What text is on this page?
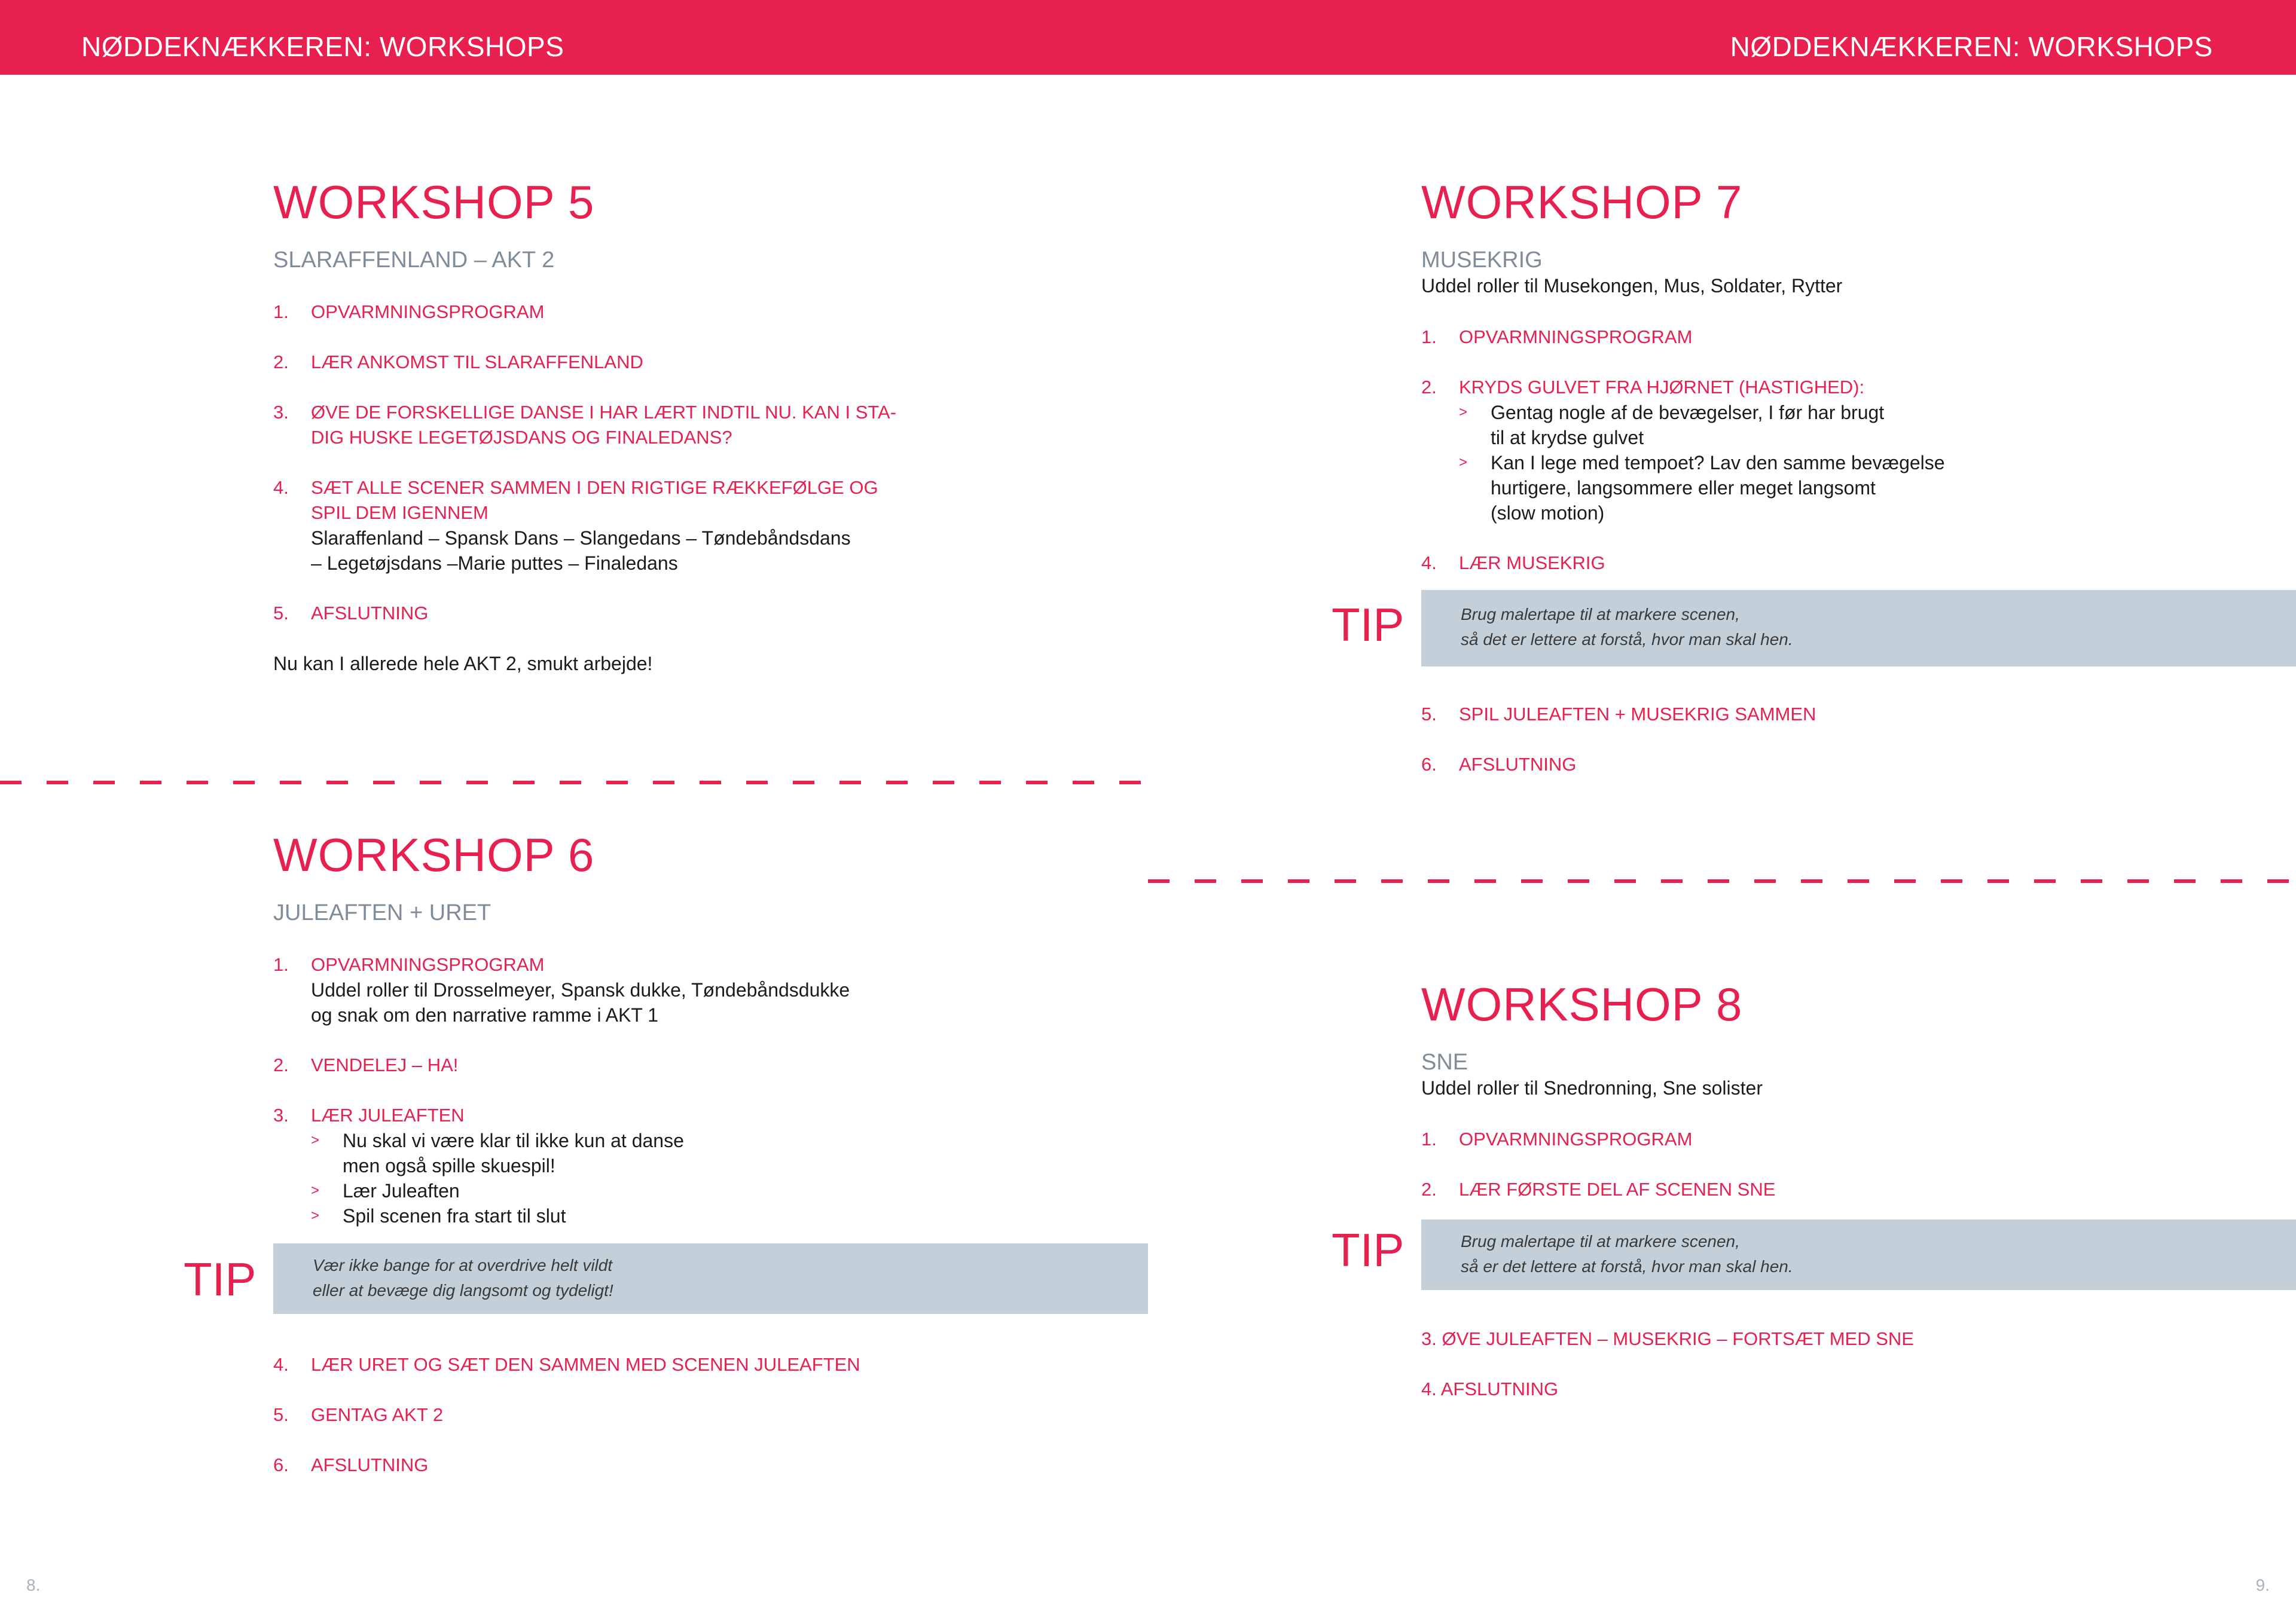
NØDDEKNÆKKEREN: WORKSHOPS	NØDDEKNÆKKEREN: WORKSHOPS
WORKSHOP 5
SLARAFFENLAND – AKT 2
1.	OPVARMNINGSPROGRAM
2.	LÆR ANKOMST TIL SLARAFFENLAND
3.	ØVE DE FORSKELLIGE DANSE I HAR LÆRT INDTIL NU. KAN I STA-
DIG HUSKE LEGETØJSDANS OG FINALEDANS?
4.	SÆT ALLE SCENER SAMMEN I DEN RIGTIGE RÆKKEFØLGE OG
SPIL DEM IGENNEM
Slaraffenland – Spansk Dans – Slangedans – Tøndebåndsdans
– Legetøjsdans –Marie puttes – Finaledans
5.	AFSLUTNING
Nu kan I allerede hele AKT 2, smukt arbejde!
WORKSHOP 6
JULEAFTEN + URET
1.	OPVARMNINGSPROGRAM
Uddel roller til Drosselmeyer, Spansk dukke, Tøndebåndsdukke
og snak om den narrative ramme i AKT 1
2.	VENDELEJ – HA!
3.	LÆR JULEAFTEN
>	Nu skal vi være klar til ikke kun at danse
men også spille skuespil!
>	Lær Juleaften
>	Spil scenen fra start til slut
TIP	Vær ikke bange for at overdrive helt vildt
eller at bevæge dig langsomt og tydeligt!
4.	LÆR URET OG SÆT DEN SAMMEN MED SCENEN JULEAFTEN
5.	GENTAG AKT 2
6.	AFSLUTNING
WORKSHOP 7
MUSEKRIG
Uddel roller til Musekongen, Mus, Soldater, Rytter
1.	OPVARMNINGSPROGRAM
2.	KRYDS GULVET FRA HJØRNET (HASTIGHED):
>	Gentag nogle af de bevægelser, I før har brugt
til at krydse gulvet
>	Kan I lege med tempoet? Lav den samme bevægelse
hurtigere, langsommere eller meget langsomt
(slow motion)
4.	LÆR MUSEKRIG
TIP	Brug malertape til at markere scenen,
så det er lettere at forstå, hvor man skal hen.
5.	SPIL JULEAFTEN + MUSEKRIG SAMMEN
6.	AFSLUTNING
WORKSHOP 8
SNE
Uddel roller til Snedronning, Sne solister
1.	OPVARMNINGSPROGRAM
2.	LÆR FØRSTE DEL AF SCENEN SNE
TIP	Brug malertape til at markere scenen,
så er det lettere at forstå, hvor man skal hen.
3. ØVE JULEAFTEN – MUSEKRIG – FORTSÆT MED SNE
4. AFSLUTNING
8.	9.
